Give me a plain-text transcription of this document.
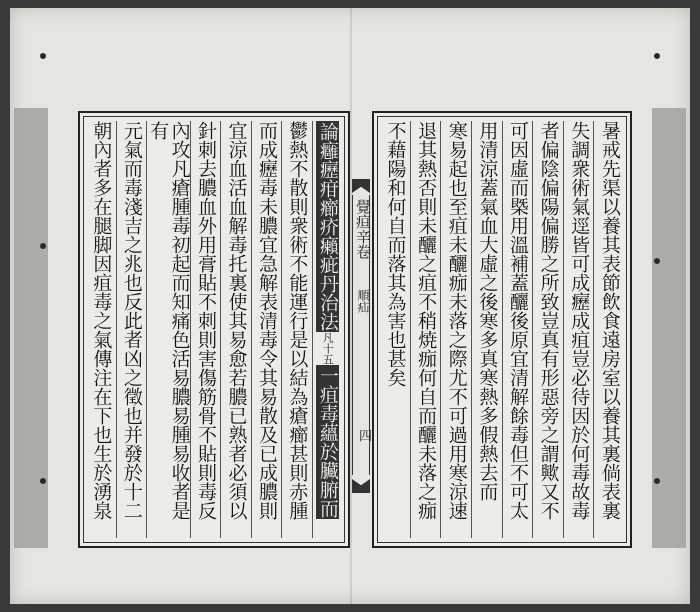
暑戒先渠以養其表節飲食遠房室以養其裏倘表裏
失調衆術氣逕皆可成癧成疽豈必待因於何毒故毒
者偏陰偏陽偏勝之所致豈真有形惡旁之謂歟又不
可因虛而槩用溫補蓋釃後原宜清解餘毒但不可太
用清涼蓋氣血大虛之後寒多真寒熱多假熱去而
寒易起也至疽未釃痂未落之際尤不可過用寒涼速
退其熱否則未釃之疽不稍焼痂何自而釃未落之痂
不藉陽和何自而落其為害也甚矣
覺疸辛卷
順疝
四
論癰癧疳癤疥癩疵丹治法
凡十五
一疽毒蘊於臟腑而
鬱熱不散則衆術不能運行是以結為瘡癤甚則赤腫
而成癧毒未膿宜急解表清毒令其易散及已成膿則
宜涼血活血解毒托裏使其易愈若膿已熟者必須以
針刺去膿血外用膏貼不刺則害傷筋骨不貼則毒反
內攻凡瘡腫毒初起而知痛色活易膿易腫易收者是有
元氣而毒淺吉之兆也反此者凶之徵也并發於十二
朝內者多在腿脚因疽毒之氣傳注在下也生於湧泉
